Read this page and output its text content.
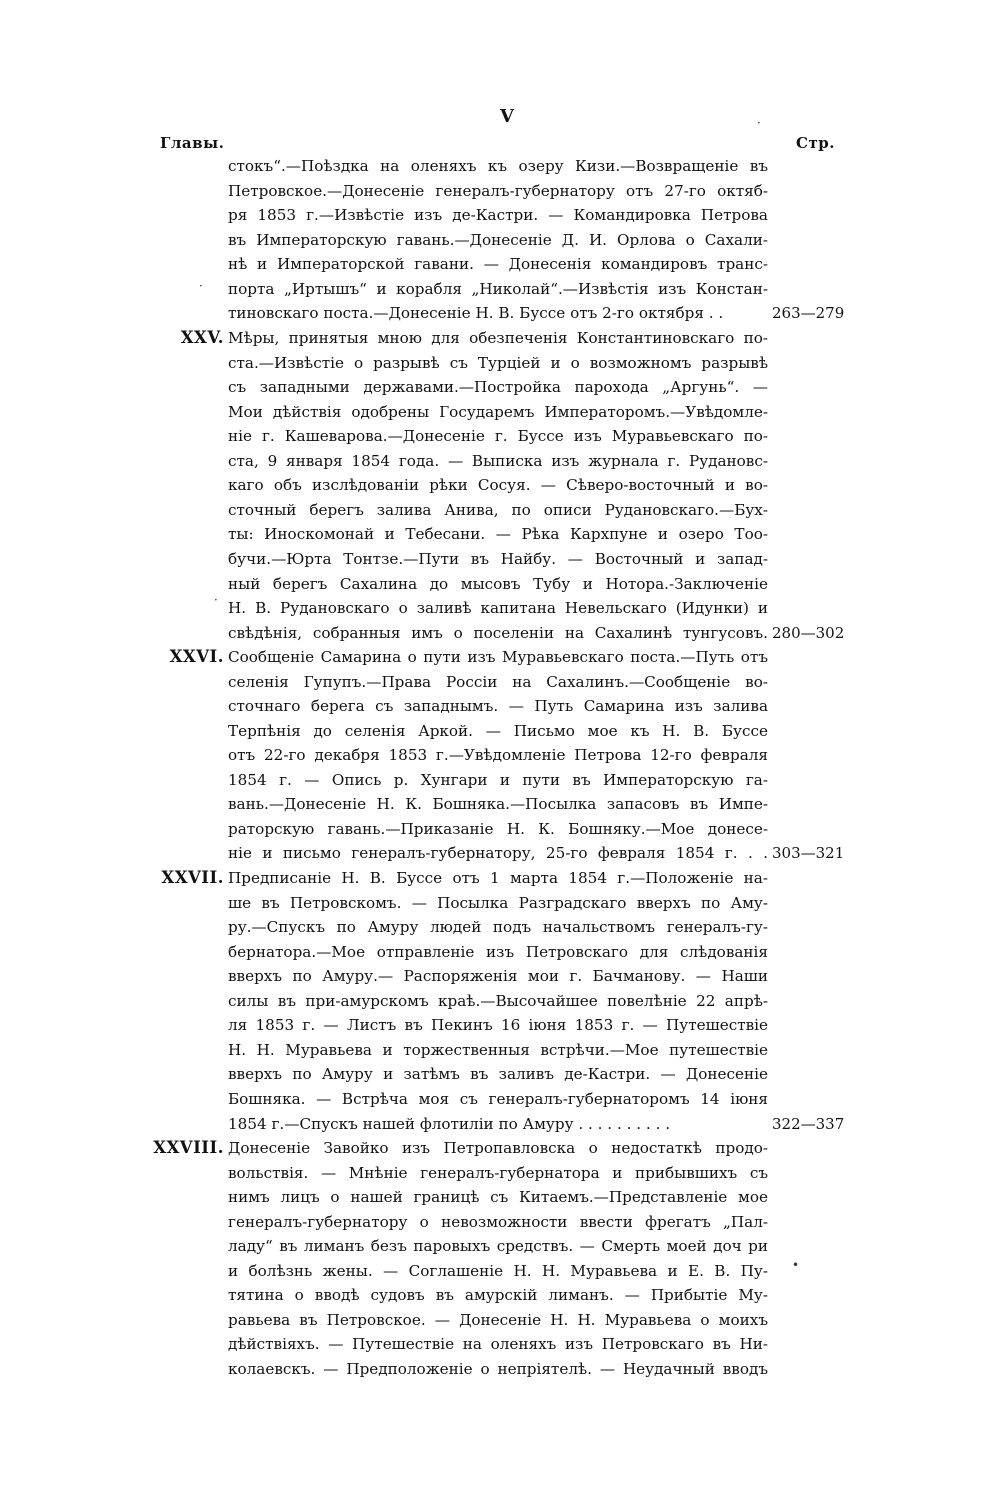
V
Главы.	Стр.
стокъ“.—Поѣздка на оленяхъ къ озеру Кизи.—Возвращеніе въ
Петровское.—Донесеніе генералъ-губернатору отъ 27-го октяб-
ря 1853 г.—Извѣстіе изъ де-Кастри. — Командировка Петрова
въ Императорскую гавань.—Донесеніе Д. И. Орлова о Сахали-
нѣ и Императорской гавани. — Донесенія командировъ транс-
порта „Иртышъ“ и корабля „Николай“.—Извѣстія изъ Констан-
тиновскаго поста.—Донесеніе Н. В. Буссе отъ 2-го октября . .	263—279
XXV. Мѣры, принятыя мною для обезпеченія Константиновскаго по-
ста.—Извѣстіе о разрывѣ съ Турціей и о возможномъ разрывѣ
съ западными державами.—Постройка парохода „Аргунь“. —
Мои дѣйствія одобрены Государемъ Императоромъ.—Увѣдомле-
ніе г. Кашеварова.—Донесеніе г. Буссе изъ Муравьевскаго по-
ста, 9 января 1854 года. — Выписка изъ журнала г. Рудановс-
каго объ изслѣдованіи рѣки Сосуя. — Сѣверо-восточный и во-
сточный берегъ залива Анива, по описи Рудановскаго.—Бух-
ты: Иноскомонай и Тебесани. — Рѣка Кархпуне и озеро Тоо-
бучи.—Юрта Тонтзе.—Пути въ Найбу. — Восточный и запад-
ный берегъ Сахалина до мысовъ Тубу и Нотора.-Заключеніе
Н. В. Рудановскаго о заливѣ капитана Невельскаго (Идунки) и
свѣдѣнія, собранныя имъ о поселеніи на Сахалинѣ тунгусовъ. 280—302
XXVI. Сообщеніе Самарина о пути изъ Муравьевскаго поста.—Путь отъ
селенія Гупупъ.—Права Россіи на Сахалинъ.—Сообщеніе во-
сточнаго берега съ западнымъ. — Путь Самарина изъ залива
Терпѣнія до селенія Аркой. — Письмо мое къ Н. В. Буссе
отъ 22-го декабря 1853 г.—Увѣдомленіе Петрова 12-го февраля
1854 г. — Опись р. Хунгари и пути въ Императорскую га-
вань.—Донесеніе Н. К. Бошняка.—Посылка запасовъ въ Импе-
раторскую гавань.—Приказаніе Н. К. Бошняку.—Мое донесе-
ніе и письмо генералъ-губернатору, 25-го февраля 1854 г. . . 303—321
XXVII. Предписаніе Н. В. Буссе отъ 1 марта 1854 г.—Положеніе на-
ше въ Петровскомъ. — Посылка Разградскаго вверхъ по Аму-
ру.—Спускъ по Амуру людей подъ начальствомъ генералъ-гу-
бернатора.—Мое отправленіе изъ Петровскаго для слѣдованія
вверхъ по Амуру.— Распоряженія мои г. Бачманову. — Наши
силы въ при-амурскомъ краѣ.—Высочайшее повелѣніе 22 апрѣ-
ля 1853 г. — Листъ въ Пекинъ 16 іюня 1853 г. — Путешествіе
Н. Н. Муравьева и торжественныя встрѣчи.—Мое путешествіе
вверхъ по Амуру и затѣмъ въ заливъ де-Кастри. — Донесеніе
Бошняка. — Встрѣча моя съ генералъ-губернаторомъ 14 іюня
1854 г.—Спускъ нашей флотиліи по Амуру . . . . . . . . . .	322—337
XXVIII. Донесеніе Завойко изъ Петропавловска о недостаткѣ продо-
вольствія. — Мнѣніе генералъ-губернатора и прибывшихъ съ
нимъ лицъ о нашей границѣ съ Китаемъ.—Представленіе мое
генералъ-губернатору о невозможности ввести фрегатъ „Пал-
ладу“ въ лиманъ безъ паровыхъ средствъ. — Смерть моей доч ри
и болѣзнь жены. — Соглашеніе Н. Н. Муравьева и Е. В. Пу-
тятина о вводѣ судовъ въ амурскій лиманъ. — Прибытіе Му-
равьева въ Петровское. — Донесеніе Н. Н. Муравьева о моихъ
дѣйствіяхъ. — Путешествіе на оленяхъ изъ Петровскаго въ Ни-
колаевскъ. — Предположеніе о непріятелѣ. — Неудачный вводъ
·
·
·
•
